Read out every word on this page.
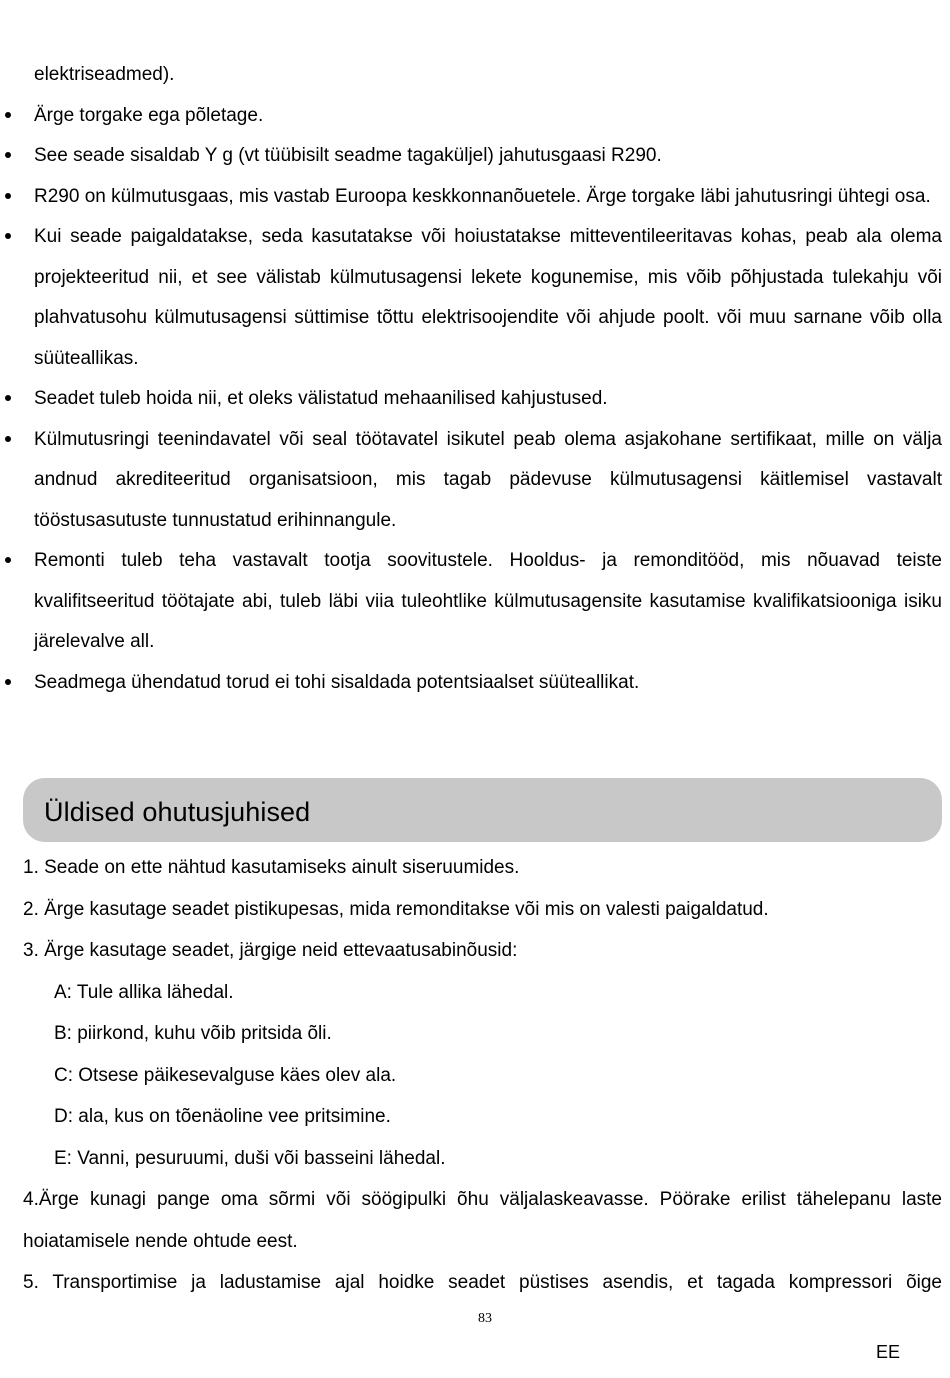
elektriseadmed).
Ärge torgake ega põletage.
See seade sisaldab Y g (vt tüübisilt seadme tagaküljel) jahutusgaasi R290.
R290 on külmutusgaas, mis vastab Euroopa keskkonnanõuetele. Ärge torgake läbi jahutusringi ühtegi osa.
Kui seade paigaldatakse, seda kasutatakse või hoiustatakse mitteventileeritavas kohas, peab ala olema projekteeritud nii, et see välistab külmutusagensi lekete kogunemise, mis võib põhjustada tulekahju või plahvatusohu külmutusagensi süttimise tõttu elektrisoojendite või ahjude poolt. või muu sarnane võib olla süüteallikas.
Seadet tuleb hoida nii, et oleks välistatud mehaanilised kahjustused.
Külmutusringi teenindavatel või seal töötavatel isikutel peab olema asjakohane sertifikaat, mille on välja andnud akrediteeritud organisatsioon, mis tagab pädevuse külmutusagensi käitlemisel vastavalt tööstusasutuste tunnustatud erihinnangule.
Remonti tuleb teha vastavalt tootja soovitustele. Hooldus- ja remonditööd, mis nõuavad teiste kvalifitseeritud töötajate abi, tuleb läbi viia tuleohtlike külmutusagensite kasutamise kvalifikatsiooniga isiku järelevalve all.
Seadmega ühendatud torud ei tohi sisaldada potentsiaalset süüteallikat.
Üldised ohutusjuhised
1. Seade on ette nähtud kasutamiseks ainult siseruumides.
2. Ärge kasutage seadet pistikupesas, mida remonditakse või mis on valesti paigaldatud.
3. Ärge kasutage seadet, järgige neid ettevaatusabinõusid:
A: Tule allika lähedal.
B: piirkond, kuhu võib pritsida õli.
C: Otsese päikesevalguse käes olev ala.
D: ala, kus on tõenäoline vee pritsimine.
E: Vanni, pesuruumi, duši või basseini lähedal.
4.Ärge kunagi pange oma sõrmi või söögipulki õhu väljalaskeavasse. Pöörake erilist tähelepanu laste hoiatamisele nende ohtude eest.
5. Transportimise ja ladustamise ajal hoidke seadet püstises asendis, et tagada kompressori õige
83
EE
